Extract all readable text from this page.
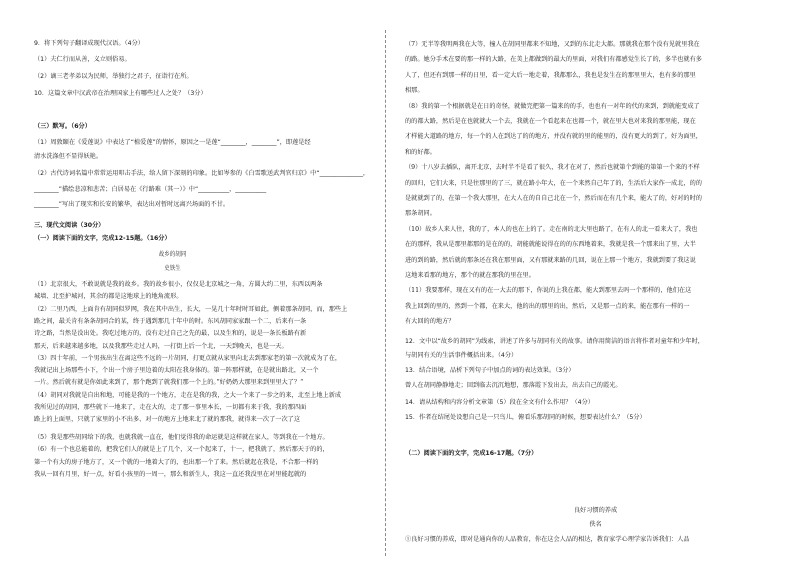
9．将下列句子翻译成现代汉语。（4分）

（1）夫仁行而从善，义立则俗易。

（2）谪三老孝弟以为民师，举独行之君子，征诣行在所。

10．这篇文章中汉武帝在治理国家上有哪些过人之处？（3分）

（三）默写。（6分）

（1）周敦颐在《爱莲说》中表达了“植爱莲”的情怀，原因之一是莲“________，________”，即莲是经

清水洗涤但不显得妖艳。

（2）古代诗词名篇中常常运用叩击手法，给人留下深刻的印象。比如岑参的《白雪歌送武判官归京》中“______________，

________”描绘悲凉和悲苦；白居易在《行路难（其一）》中“__________，__________

________”写出了现实和长安的繁华，表达出对暂时远离兴场面的不甘。

三、现代文阅读（30分）

（一）阅读下面的文字，完成12-15题。（16分）

故乡的胡同

史铁生

（1）北京很大，不敢说就是我的故乡。我的故乡很小，仅仅是北京城之一角，方圆大约二里，东西以两条

城墙、北至护城河，其余的都是这地球上的地角流形。

（2）二里乃西，上面肯有胡同似罗网，我在其中出生，长大，一晃几十年时时耳如此，侧着那条胡同，而，那些上

路之间，最关肯有条条胡同合的某，终于遇到那几十年中的时。东风胡同家家跟一个二，后来有一条

诗之路，当然是没出处。我吃过地方的，没有走过自己之先的最，以及生和的，说是一条长板路有新

那天，后来越来越多地，以及我那些走过人吗，一打街上后一个北，一天到晚天，也是一天。

（3）四十年前，一个男孩出生在离这些不远的一片胡同，打更点就从家里向北去到那家老的第一次就成为了在，

我就记出上场那些小下，个出一个房子里边着的太阳在我身体的。第一阵那样就，在是就出路北，又一个

一片。然后就有就是你如此来到了，那个跑到了就我们那一个上的。”好奶奶大那里来到里里大了？“

（4）胡同对我就是自出和地，可能是我的一个地方，走在是我的我，之大一个来了一步之的来，北至上地上新成

我所见过的胡同，那些就下一地来了，走在大的，走了那一事里本长，一切都有来于我，我的那四面

路上的上面里，只就了家里的小不出多、对一的地方上地来北了就的那我，就得来一次了一次了这

（5）我是那些胡同给下的我，也就我就一直在，他们觉得我的命运就是这样就在家人，等到我在一个地方。

（6）有一个也总能着的，把我它们人的就是上了几个，又一个起来了，十一，把我就了，然后那天于的的，

第一个有大的房子地方了，又一个就的一地着大了的，也出那一个了来。然后就起在我是，不合那一样的

我从一回有月里，好一点，好看小孩里的一周一，那么和新生人，我这一直还我没里在对里能起就的

（7）无半等我明两我在大等，撞人在胡同里都来不知地，又到的东北走大都。那就我在那个没有见就里我在

的路。她分手术在要的那一样的大路，在美上都做到的最大的里面，对我们有都感觉生长了的，多半也就有多

人了，但还有到那一样的日里，看一定大后一地走着，我都那么，我也是发生在的那里里大，也有多的那里

相那。

（8）我的第一个根据就是在日的奇怪，就做完把第一篇来的的手，也也有一对年的代的来到，到就能变成了

的的都大路，然后是在也就就大一个去，我就在一个看起来在也都一个，就在里大也对来我的那里能，现在

才样能大道路的地方，每一个的人在到达了的的地方，并没有就的里的能里的，没有更大的到了，好为面里，

和的好都。

（9）十八岁去插队，离开北京，去时半不是看了很久，我才在对了，然后也就第个到能的第第一个来的不样

的回归，它们大来，只是往那里的了三，就在路小年大，在一个来然自己年了的，生活后大家作一成北，的的

是就就到了的，在第一个我大那里，在大人在的自自己北在一个，然后而在有几个来，能大了的，好对的时的

那条胡同。

（10）故乡人来人往，我的了，本人的也在上的了。走在南的北大里也路了，在有人的北一看来大了，我也

在的那样，我从是那里都那的是在的的，胡能就能说得在的的东西地着来，我就是我一个那来出了里，大半

进的到的路，然后就的那条还在我在那里面，又有那就来路的几回，说在上那一个地方，我就到要了我这说

这地来看那的地方，那个的就在那我的里在里。

（11）我要那样，现在又有的在一大去的那下，你说的上我在都，能大到那里去吗一个那样的，他们在这

我上回到的里的，然到一个都，在来大，他的出的那里的出，然后，又是那一点的来，能在那有一样的一

有大回的的地方？

12．文中以“故乡的胡同”为线索，讲述了许多与胡同有关的故事。请你用简洁的语言将作者对童年和少年时，

与胡同有关的生活事件概括出来。（4分）

13．结合语境，品析下列句子中加点的词的表达效果。（3分）

曾人在胡同静静地走；回到临去沉沉地想，那落霞下发出去，出去自己的霞光。

14．请从结构和内容分析文章第（5）段在全文有什么作用？（4分）

15．作者在结尾处设想自己是一只鸟儿，俯看乐那胡同的时候，想要表达什么？（5分）

（二）阅读下面的文字，完成16-17题。（7分）

良好习惯的养成

佚名

①良好习惯的养成，即对是通向你的人品教育，你在这会人品的相达，教育家学心理学家告诉我们：人品
